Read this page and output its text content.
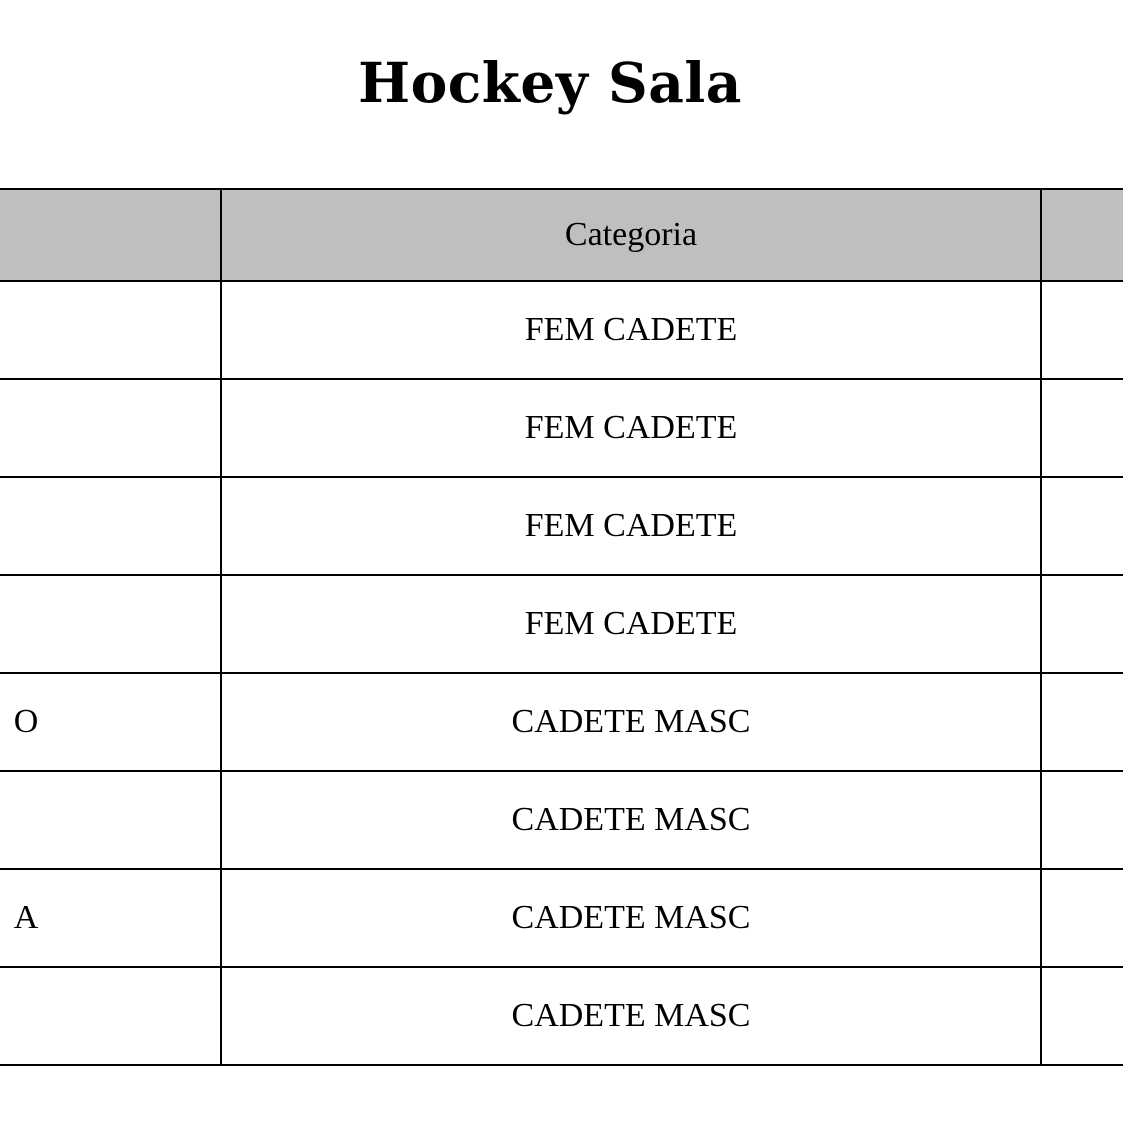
Hockey Sala
	Categoria	
	FEM CADETE	
	FEM CADETE	
	FEM CADETE	
	FEM CADETE	
O	CADETE MASC	
	CADETE MASC	
A	CADETE MASC	
	CADETE MASC	
